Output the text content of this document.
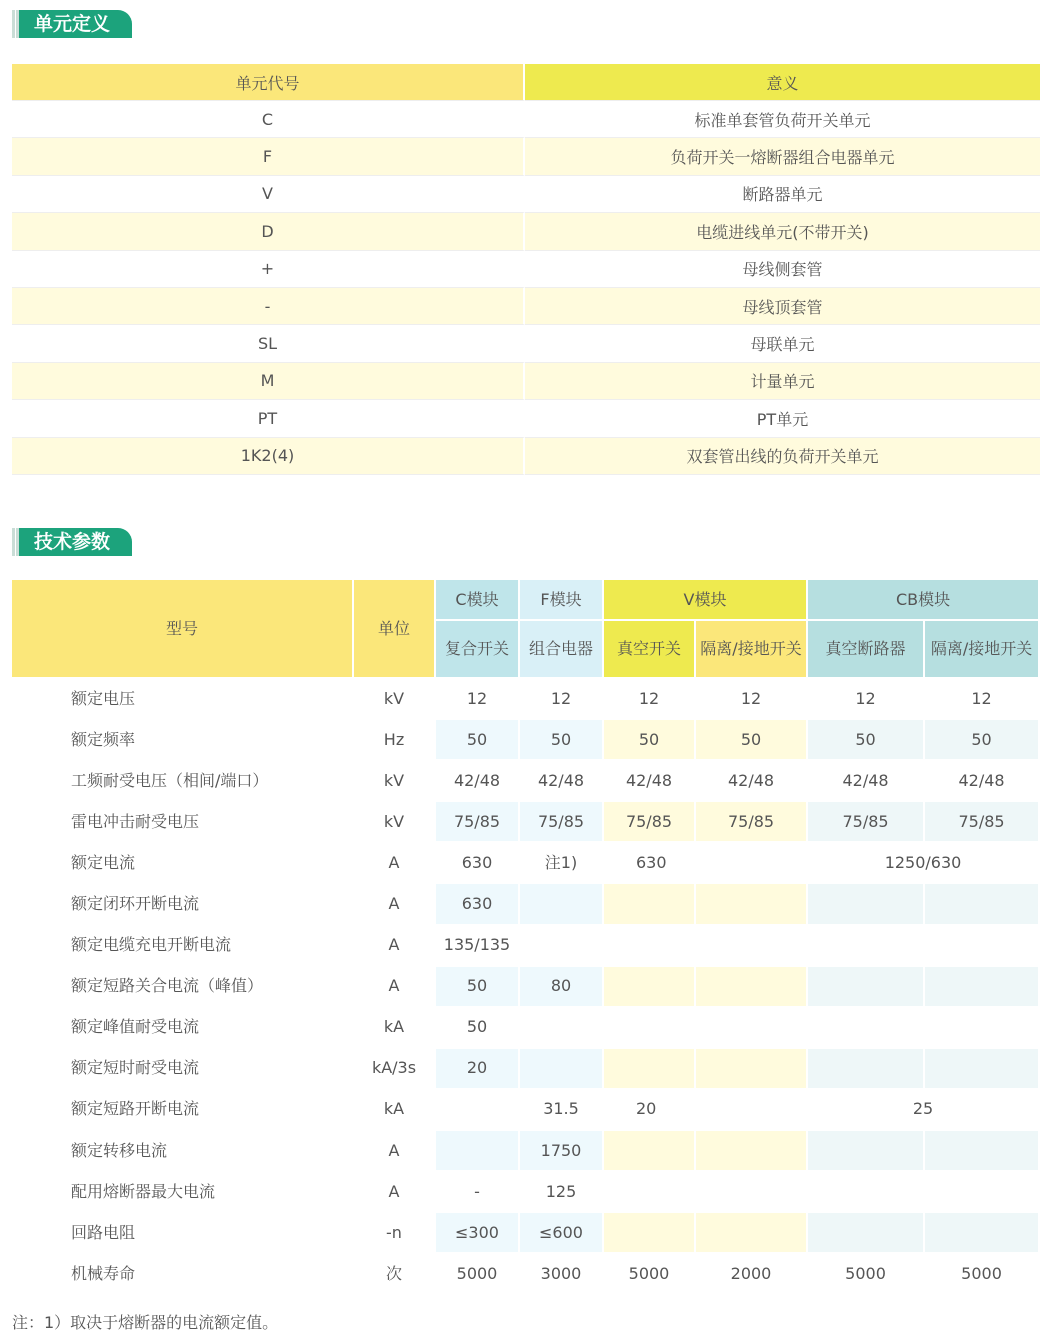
单元定义
单元代号	意义
C	标准单套管负荷开关单元
F	负荷开关一熔断器组合电器单元
V	断路器单元
D	电缆进线单元(不带开关)
+	母线侧套管
-	母线顶套管
SL	母联单元
M	计量单元
PT	PT单元
1K2(4)	双套管出线的负荷开关单元
技术参数
型号	单位	C模块	F模块	V模块		CB模块	
		复合开关	组合电器	真空开关	隔离/接地开关	真空断路器	隔离/接地开关
额定电压	kV	12	12	12	12	12	12
额定频率	Hz	50	50	50	50	50	50
工频耐受电压（相间/端口）	kV	42/48	42/48	42/48	42/48	42/48	42/48
雷电冲击耐受电压	kV	75/85	75/85	75/85	75/85	75/85	75/85
额定电流	A	630	注1)	630		1250/630	
额定闭环开断电流	A	630					
额定电缆充电开断电流	A	135/135					
额定短路关合电流（峰值）	A	50	80				
额定峰值耐受电流	kA	50					
额定短时耐受电流	kA/3s	20					
额定短路开断电流	kA		31.5	20		25	
额定转移电流	A		1750				
配用熔断器最大电流	A	-	125				
回路电阻	-n	≤300	≤600				
机械寿命	次	5000	3000	5000	2000	5000	5000
注：1）取决于熔断器的电流额定值。
